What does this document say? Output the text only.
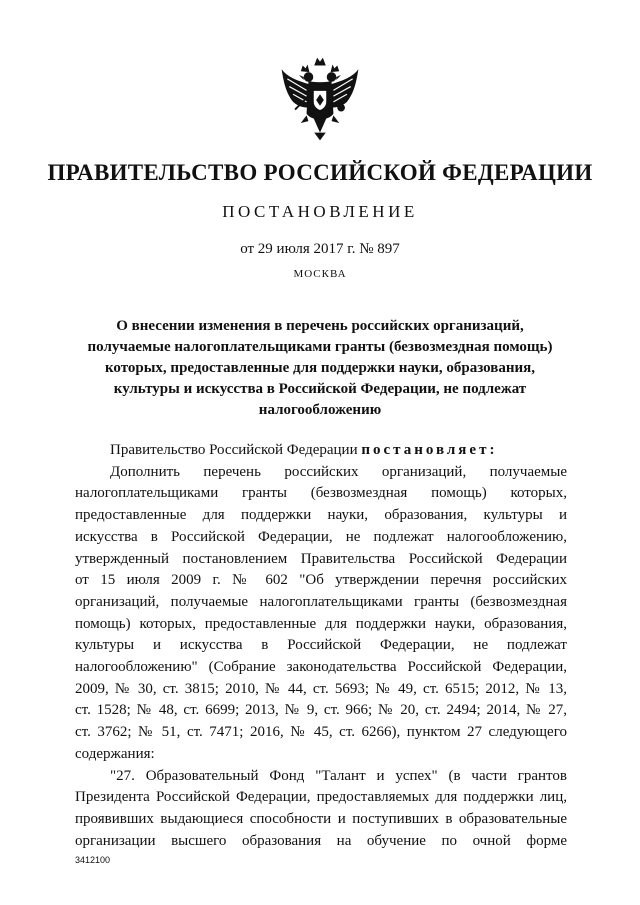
ПРАВИТЕЛЬСТВО РОССИЙСКОЙ ФЕДЕРАЦИИ
ПОСТАНОВЛЕНИЕ
от 29 июля 2017 г. № 897
МОСКВА
О внесении изменения в перечень российских организаций,
получаемые налогоплательщиками гранты (безвозмездная помощь)
которых, предоставленные для поддержки науки, образования,
культуры и искусства в Российской Федерации, не подлежат
налогообложению
Правительство Российской Федерации постановляет:
Дополнить перечень российских организаций, получаемые
налогоплательщиками гранты (безвозмездная помощь) которых,
предоставленные для поддержки науки, образования, культуры и
искусства в Российской Федерации, не подлежат налогообложению,
утвержденный постановлением Правительства Российской Федерации
от 15 июля 2009 г. № 602 "Об утверждении перечня российских
организаций, получаемые налогоплательщиками гранты (безвозмездная
помощь) которых, предоставленные для поддержки науки, образования,
культуры и искусства в Российской Федерации, не подлежат
налогообложению" (Собрание законодательства Российской Федерации,
2009, № 30, ст. 3815; 2010, № 44, ст. 5693; № 49, ст. 6515; 2012, № 13,
ст. 1528; № 48, ст. 6699; 2013, № 9, ст. 966; № 20, ст. 2494; 2014, № 27,
ст. 3762; № 51, ст. 7471; 2016, № 45, ст. 6266), пунктом 27 следующего
содержания:
"27. Образовательный Фонд "Талант и успех" (в части грантов
Президента Российской Федерации, предоставляемых для поддержки лиц,
проявивших выдающиеся способности и поступивших в образовательные
организации высшего образования на обучение по очной форме
3412100
